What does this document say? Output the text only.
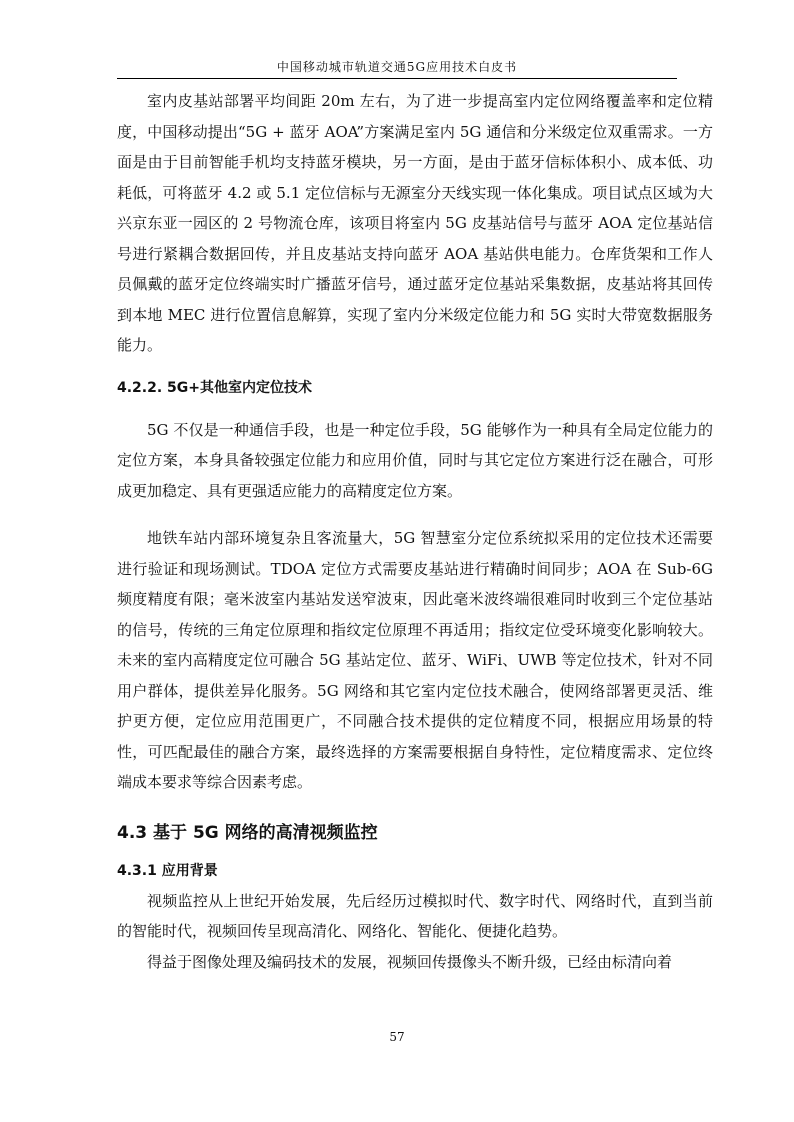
中国移动城市轨道交通5G应用技术白皮书

室内皮基站部署平均间距 20m 左右，为了进一步提高室内定位网络覆盖率和定位精度，中国移动提出“5G + 蓝牙 AOA”方案满足室内 5G 通信和分米级定位双重需求。一方面是由于目前智能手机均支持蓝牙模块，另一方面，是由于蓝牙信标体积小、成本低、功耗低，可将蓝牙 4.2 或 5.1 定位信标与无源室分天线实现一体化集成。项目试点区域为大兴京东亚一园区的 2 号物流仓库，该项目将室内 5G 皮基站信号与蓝牙 AOA 定位基站信号进行紧耦合数据回传，并且皮基站支持向蓝牙 AOA 基站供电能力。仓库货架和工作人员佩戴的蓝牙定位终端实时广播蓝牙信号，通过蓝牙定位基站采集数据，皮基站将其回传到本地 MEC 进行位置信息解算，实现了室内分米级定位能力和 5G 实时大带宽数据服务能力。

4.2.2. 5G+其他室内定位技术

5G 不仅是一种通信手段，也是一种定位手段，5G 能够作为一种具有全局定位能力的定位方案，本身具备较强定位能力和应用价值，同时与其它定位方案进行泛在融合，可形成更加稳定、具有更强适应能力的高精度定位方案。

地铁车站内部环境复杂且客流量大，5G 智慧室分定位系统拟采用的定位技术还需要进行验证和现场测试。TDOA 定位方式需要皮基站进行精确时间同步；AOA 在 Sub-6G 频度精度有限；毫米波室内基站发送窄波束，因此毫米波终端很难同时收到三个定位基站的信号，传统的三角定位原理和指纹定位原理不再适用；指纹定位受环境变化影响较大。未来的室内高精度定位可融合 5G 基站定位、蓝牙、WiFi、UWB 等定位技术，针对不同用户群体，提供差异化服务。5G 网络和其它室内定位技术融合，使网络部署更灵活、维护更方便，定位应用范围更广，不同融合技术提供的定位精度不同，根据应用场景的特性，可匹配最佳的融合方案，最终选择的方案需要根据自身特性，定位精度需求、定位终端成本要求等综合因素考虑。

4.3 基于 5G 网络的高清视频监控
4.3.1 应用背景

视频监控从上世纪开始发展，先后经历过模拟时代、数字时代、网络时代，直到当前的智能时代，视频回传呈现高清化、网络化、智能化、便捷化趋势。

得益于图像处理及编码技术的发展，视频回传摄像头不断升级，已经由标清向着

57
